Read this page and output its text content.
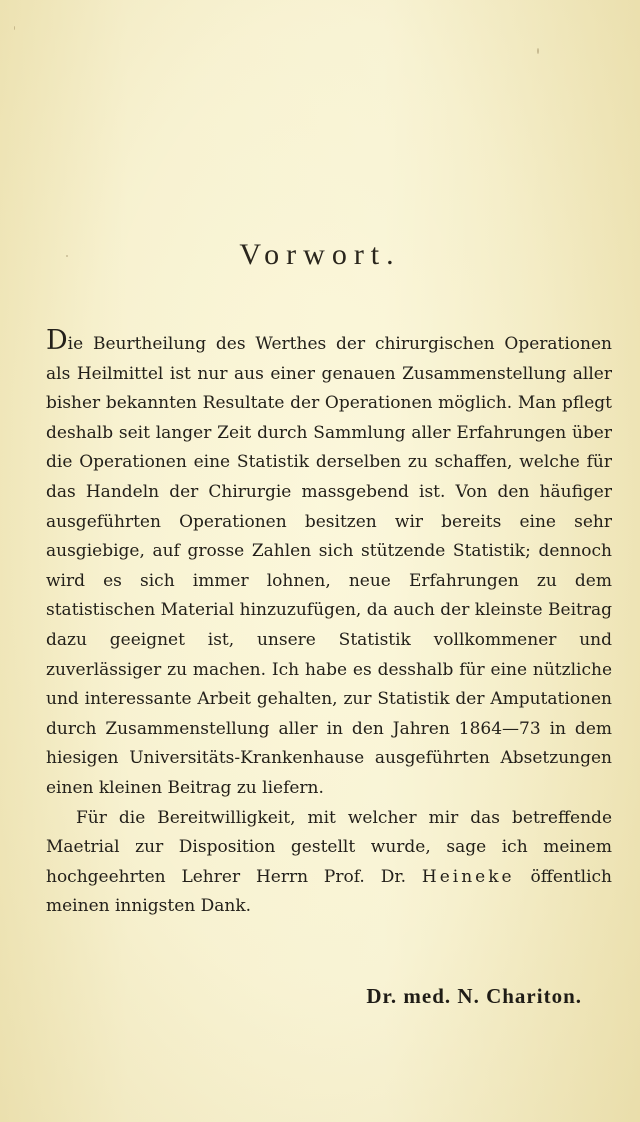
Vorwort.

Die Beurtheilung des Werthes der chirurgischen Operationen als Heilmittel ist nur aus einer genauen Zusammenstellung aller bisher bekannten Resultate der Operationen möglich. Man pflegt deshalb seit langer Zeit durch Sammlung aller Erfahrungen über die Operationen eine Statistik derselben zu schaffen, welche für das Handeln der Chirurgie massgebend ist. Von den häufiger ausgeführten Operationen besitzen wir bereits eine sehr ausgiebige, auf grosse Zahlen sich stützende Statistik; dennoch wird es sich immer lohnen, neue Erfahrungen zu dem statistischen Material hinzuzufügen, da auch der kleinste Beitrag dazu geeignet ist, unsere Statistik vollkommener und zuverlässiger zu machen. Ich habe es desshalb für eine nützliche und interessante Arbeit gehalten, zur Statistik der Amputationen durch Zusammenstellung aller in den Jahren 1864—73 in dem hiesigen Universitäts-Krankenhause ausgeführten Absetzungen einen kleinen Beitrag zu liefern.

Für die Bereitwilligkeit, mit welcher mir das betreffende Maetrial zur Disposition gestellt wurde, sage ich meinem hochgeehrten Lehrer Herrn Prof. Dr. Heineke öffentlich meinen innigsten Dank.

Dr. med. N. Chariton.
